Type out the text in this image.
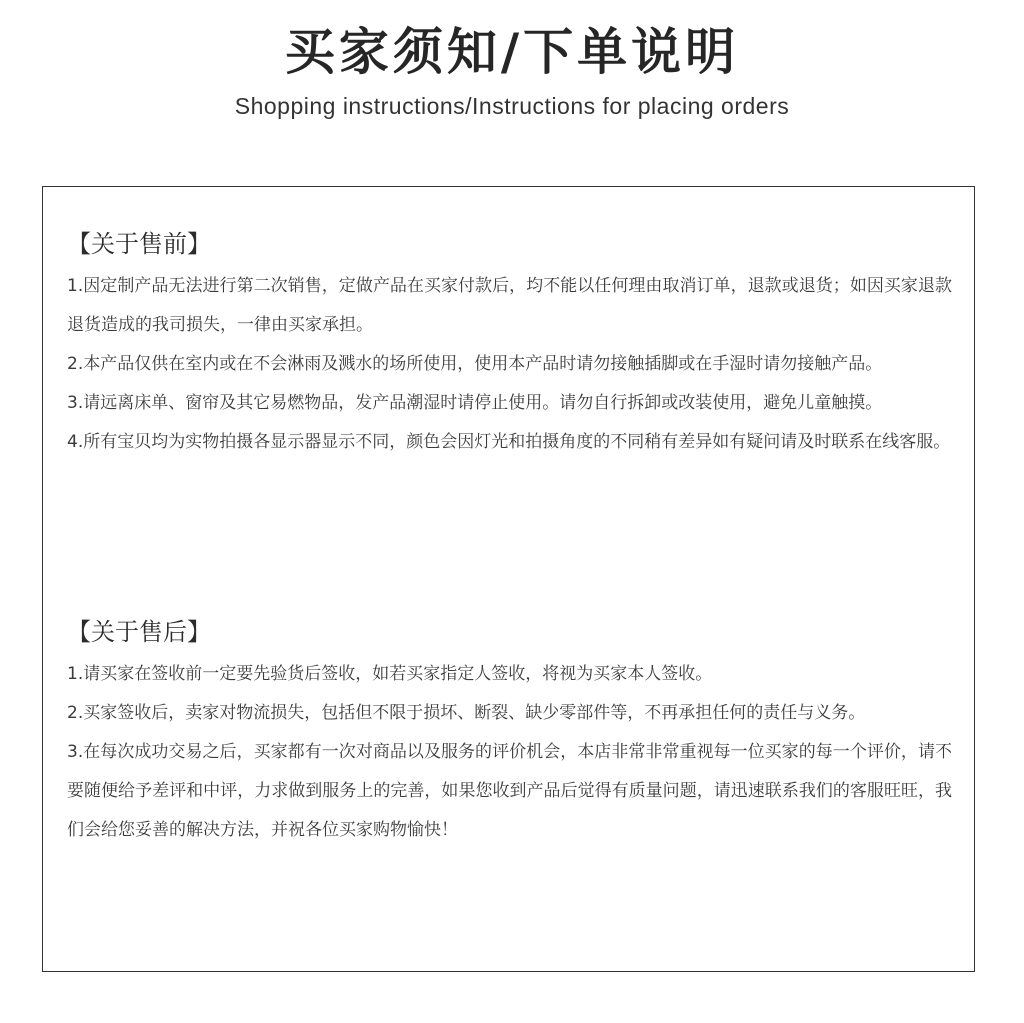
买家须知/下单说明
Shopping instructions/Instructions for placing orders
【关于售前】

1.因定制产品无法进行第二次销售，定做产品在买家付款后，均不能以任何理由取消订单，退款或退货；如因买家退款退货造成的我司损失，一律由买家承担。

2.本产品仅供在室内或在不会淋雨及溅水的场所使用，使用本产品时请勿接触插脚或在手湿时请勿接触产品。

3.请远离床单、窗帘及其它易燃物品，发产品潮湿时请停止使用。请勿自行拆卸或改装使用，避免儿童触摸。

4.所有宝贝均为实物拍摄各显示器显示不同，颜色会因灯光和拍摄角度的不同稍有差异如有疑问请及时联系在线客服。

【关于售后】

1.请买家在签收前一定要先验货后签收，如若买家指定人签收，将视为买家本人签收。

2.买家签收后，卖家对物流损失，包括但不限于损坏、断裂、缺少零部件等，不再承担任何的责任与义务。

3.在每次成功交易之后，买家都有一次对商品以及服务的评价机会，本店非常非常重视每一位买家的每一个评价，请不要随便给予差评和中评，力求做到服务上的完善，如果您收到产品后觉得有质量问题，请迅速联系我们的客服旺旺，我们会给您妥善的解决方法，并祝各位买家购物愉快！
